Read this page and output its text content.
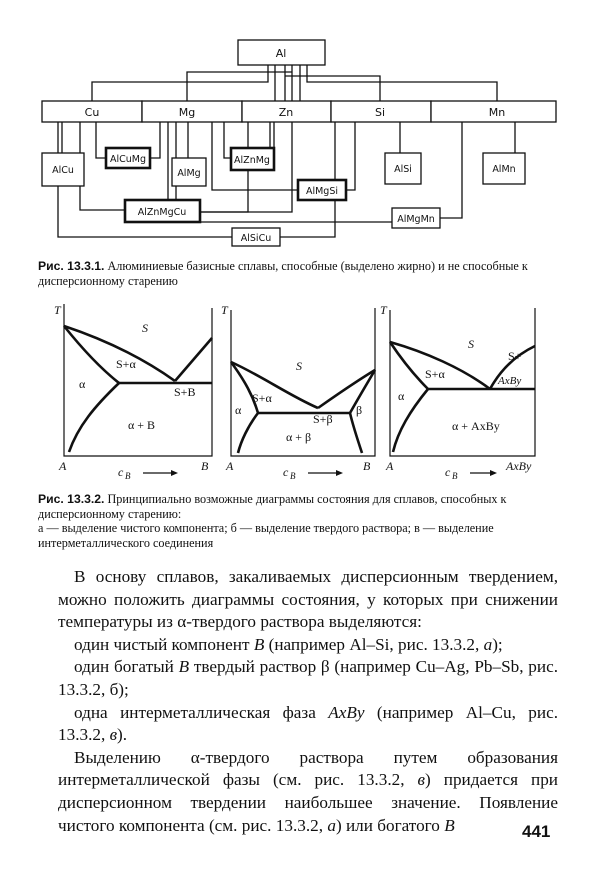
Al
Cu	Mg	Zn	Si	Mn
AlCu
AlCuMg
AlMg
AlZnMg
AlMgSi
AlSi	AlMn
AlZnMgCu
AlMgMn
AlSiCu
Рис. 13.3.1. Алюминиевые базисные сплавы, способные (выделено жирно) и не способные к дисперсионному старению
T
A	B
S
S+α
S+B
α
α + B
c B
T
A	B
S
S+α
S+β
α	β
α + β
c B
T
A
S
S+α
S+
AxBy
α
α + AxBy
c B
AxBy
Рис. 13.3.2. Принципиально возможные диаграммы состояния для сплавов, способных к дисперсионному старению:
а — выделение чистого компонента; б — выделение твердого раствора; в — выделение интерметаллического соединения

В основу сплавов, закаливаемых дисперсионным твердением, можно положить диаграммы состояния, у которых при снижении температуры из α-твердого раствора выделяются:

один чистый компонент B (например Al–Si, рис. 13.3.2, а);

один богатый B твердый раствор β (например Cu–Ag, Pb–Sb, рис. 13.3.2, б);

одна интерметаллическая фаза AxBy (например Al–Cu, рис. 13.3.2, в).

Выделению α-твердого раствора путем образования интерметаллической фазы (см. рис. 13.3.2, в) придается при дисперсионном твердении наибольшее значение. Появление чистого компонента (см. рис. 13.3.2, а) или богатого B	441
